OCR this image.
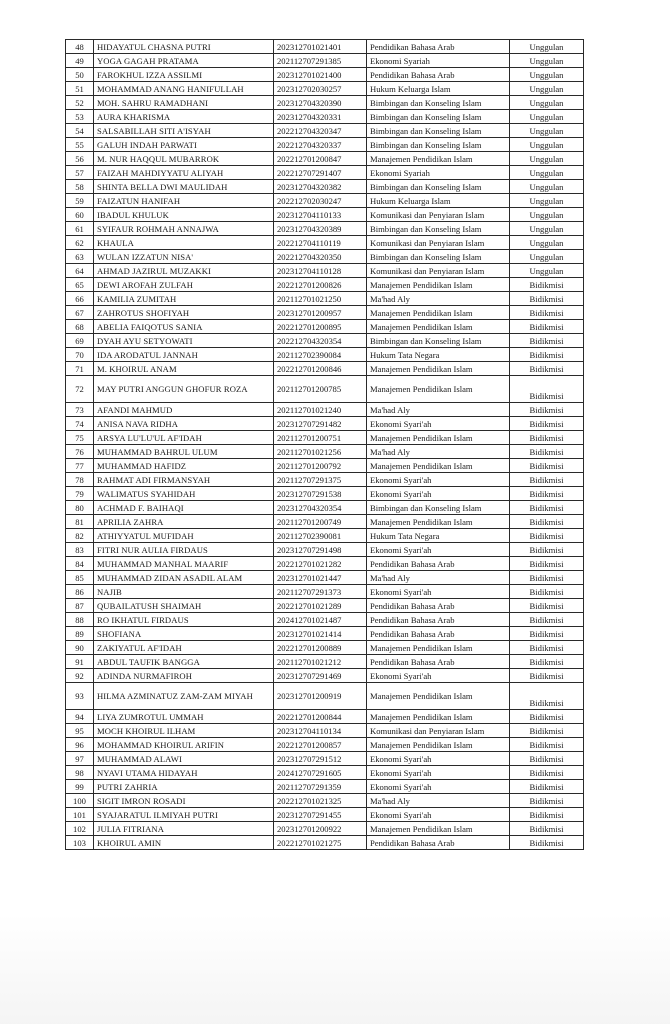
48	HIDAYATUL CHASNA PUTRI	202312701021401	Pendidikan Bahasa Arab	Unggulan
49	YOGA GAGAH PRATAMA	202112707291385	Ekonomi Syariah	Unggulan
50	FAROKHUL IZZA ASSILMI	202312701021400	Pendidikan Bahasa Arab	Unggulan
51	MOHAMMAD ANANG HANIFULLAH	202312702030257	Hukum Keluarga Islam	Unggulan
52	MOH. SAHRU RAMADHANI	202312704320390	Bimbingan dan Konseling Islam	Unggulan
53	AURA KHARISMA	202312704320331	Bimbingan dan Konseling Islam	Unggulan
54	SALSABILLAH SITI A'ISYAH	202212704320347	Bimbingan dan Konseling Islam	Unggulan
55	GALUH INDAH PARWATI	202212704320337	Bimbingan dan Konseling Islam	Unggulan
56	M. NUR HAQQUL MUBARROK	202212701200847	Manajemen Pendidikan Islam	Unggulan
57	FAIZAH MAHDIYYATU ALIYAH	202212707291407	Ekonomi Syariah	Unggulan
58	SHINTA BELLA DWI MAULIDAH	202312704320382	Bimbingan dan Konseling Islam	Unggulan
59	FAIZATUN HANIFAH	202212702030247	Hukum Keluarga Islam	Unggulan
60	IBADUL KHULUK	202312704110133	Komunikasi dan Penyiaran Islam	Unggulan
61	SYIFAUR ROHMAH ANNAJWA	202312704320389	Bimbingan dan Konseling Islam	Unggulan
62	KHAULA	202212704110119	Komunikasi dan Penyiaran Islam	Unggulan
63	WULAN IZZATUN NISA'	202212704320350	Bimbingan dan Konseling Islam	Unggulan
64	AHMAD JAZIRUL MUZAKKI	202312704110128	Komunikasi dan Penyiaran Islam	Unggulan
65	DEWI AROFAH ZULFAH	202212701200826	Manajemen Pendidikan Islam	Bidikmisi
66	KAMILIA ZUMITAH	202112701021250	Ma'had Aly	Bidikmisi
67	ZAHROTUS SHOFIYAH	202312701200957	Manajemen Pendidikan Islam	Bidikmisi
68	ABELIA FAIQOTUS SANIA	202212701200895	Manajemen Pendidikan Islam	Bidikmisi
69	DYAH AYU SETYOWATI	202212704320354	Bimbingan dan Konseling Islam	Bidikmisi
70	IDA ARODATUL JANNAH	202112702390084	Hukum Tata Negara	Bidikmisi
71	M. KHOIRUL ANAM	202212701200846	Manajemen Pendidikan Islam	Bidikmisi
72	MAY PUTRI ANGGUN GHOFUR ROZA	202112701200785	Manajemen Pendidikan Islam	Bidikmisi
73	AFANDI MAHMUD	202112701021240	Ma'had Aly	Bidikmisi
74	ANISA NAVA RIDHA	202312707291482	Ekonomi Syari'ah	Bidikmisi
75	ARSYA LU'LU'UL AF'IDAH	202112701200751	Manajemen Pendidikan Islam	Bidikmisi
76	MUHAMMAD BAHRUL ULUM	202112701021256	Ma'had Aly	Bidikmisi
77	MUHAMMAD HAFIDZ	202112701200792	Manajemen Pendidikan Islam	Bidikmisi
78	RAHMAT ADI FIRMANSYAH	202112707291375	Ekonomi Syari'ah	Bidikmisi
79	WALIMATUS SYAHIDAH	202312707291538	Ekonomi Syari'ah	Bidikmisi
80	ACHMAD F. BAIHAQI	202312704320354	Bimbingan dan Konseling Islam	Bidikmisi
81	APRILIA ZAHRA	202112701200749	Manajemen Pendidikan Islam	Bidikmisi
82	ATHIYYATUL MUFIDAH	202112702390081	Hukum Tata Negara	Bidikmisi
83	FITRI NUR AULIA FIRDAUS	202312707291498	Ekonomi Syari'ah	Bidikmisi
84	MUHAMMAD MANHAL MAARIF	202212701021282	Pendidikan Bahasa Arab	Bidikmisi
85	MUHAMMAD ZIDAN ASADIL ALAM	202312701021447	Ma'had Aly	Bidikmisi
86	NAJIB	202112707291373	Ekonomi Syari'ah	Bidikmisi
87	QUBAILATUSH SHAIMAH	202212701021289	Pendidikan Bahasa Arab	Bidikmisi
88	RO IKHATUL FIRDAUS	202412701021487	Pendidikan Bahasa Arab	Bidikmisi
89	SHOFIANA	202312701021414	Pendidikan Bahasa Arab	Bidikmisi
90	ZAKIYATUL AF'IDAH	202212701200889	Manajemen Pendidikan Islam	Bidikmisi
91	ABDUL TAUFIK BANGGA	202112701021212	Pendidikan Bahasa Arab	Bidikmisi
92	ADINDA NURMAFIROH	202312707291469	Ekonomi Syari'ah	Bidikmisi
93	HILMA AZMINATUZ ZAM-ZAM MIYAH	202312701200919	Manajemen Pendidikan Islam	Bidikmisi
94	LIYA ZUMROTUL UMMAH	202212701200844	Manajemen Pendidikan Islam	Bidikmisi
95	MOCH KHOIRUL ILHAM	202312704110134	Komunikasi dan Penyiaran Islam	Bidikmisi
96	MOHAMMAD KHOIRUL ARIFIN	202212701200857	Manajemen Pendidikan Islam	Bidikmisi
97	MUHAMMAD ALAWI	202312707291512	Ekonomi Syari'ah	Bidikmisi
98	NYAVI UTAMA HIDAYAH	202412707291605	Ekonomi Syari'ah	Bidikmisi
99	PUTRI ZAHRIA	202112707291359	Ekonomi Syari'ah	Bidikmisi
100	SIGIT IMRON ROSADI	202212701021325	Ma'had Aly	Bidikmisi
101	SYAJARATUL ILMIYAH PUTRI	202312707291455	Ekonomi Syari'ah	Bidikmisi
102	JULIA FITRIANA	202312701200922	Manajemen Pendidikan Islam	Bidikmisi
103	KHOIRUL AMIN	202212701021275	Pendidikan Bahasa Arab	Bidikmisi
